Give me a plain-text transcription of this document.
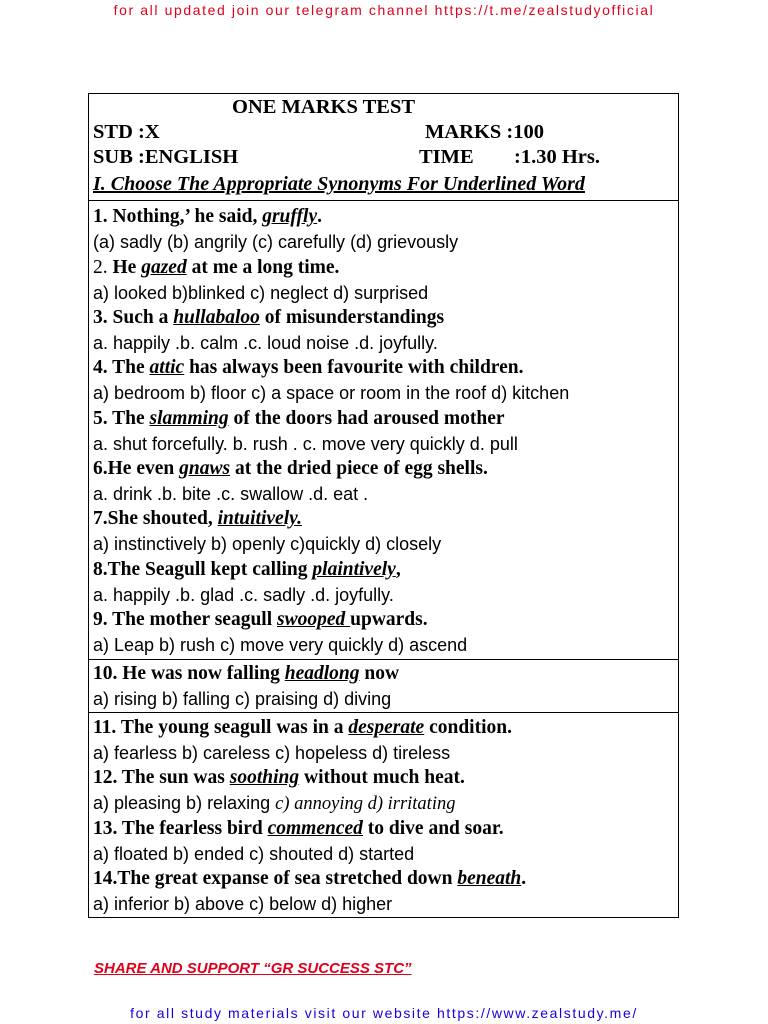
for all updated join our telegram channel https://t.me/zealstudyofficial
ONE MARKS TEST
STD :X	MARKS :100
SUB :ENGLISH	TIME :1.30 Hrs.
I. Choose The Appropriate Synonyms For Underlined Word
1. Nothing,’ he said, gruffly.
(a) sadly (b) angrily (c) carefully (d) grievously
2. He gazed at me a long time.
a) looked b)blinked c) neglect d) surprised
3. Such a hullabaloo of misunderstandings
a. happily .b. calm .c. loud noise .d. joyfully.
4. The attic has always been favourite with children.
a) bedroom b) floor c) a space or room in the roof d) kitchen
5. The slamming of the doors had aroused mother
a. shut forcefully. b. rush . c. move very quickly d. pull
6.He even gnaws at the dried piece of egg shells.
a. drink .b. bite .c. swallow .d. eat .
7.She shouted, intuitively.
a) instinctively b) openly c)quickly d) closely
8.The Seagull kept calling plaintively,
a. happily .b. glad .c. sadly .d. joyfully.
9. The mother seagull swooped upwards.
a) Leap b) rush c) move very quickly d) ascend
10. He was now falling headlong now
a) rising b) falling c) praising d) diving
11. The young seagull was in a desperate condition.
a) fearless b) careless c) hopeless d) tireless
12. The sun was soothing without much heat.
a) pleasing b) relaxing c) annoying d) irritating
13. The fearless bird commenced to dive and soar.
a) floated b) ended c) shouted d) started
14.The great expanse of sea stretched down beneath.
a) inferior b) above c) below d) higher
SHARE AND SUPPORT “GR SUCCESS STC”
for all study materials visit our website https://www.zealstudy.me/
